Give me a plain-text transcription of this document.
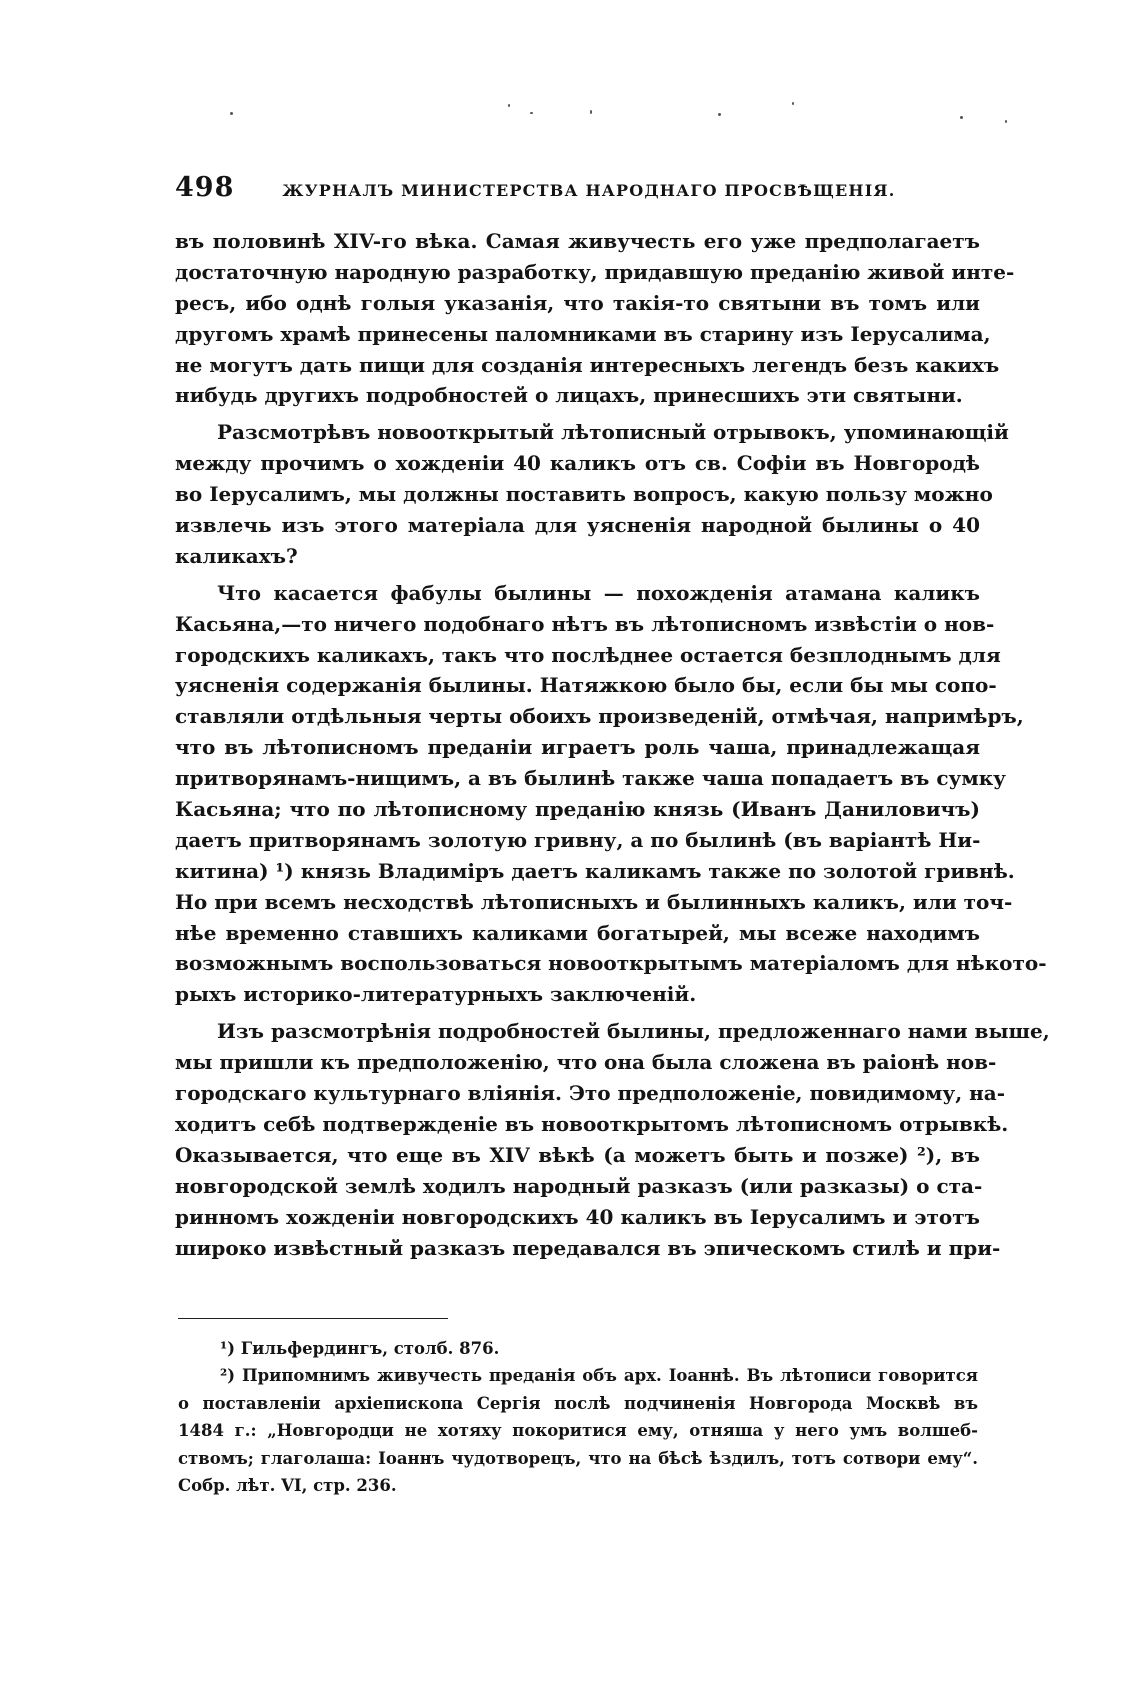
498	ЖУРНАЛЪ МИНИСТЕРСТВА НАРОДНАГО ПРОСВѢЩЕНІЯ.
въ половинѣ XIV-го вѣка. Самая живучесть его уже предполагаетъ
достаточную народную разработку, придавшую преданію живой инте-
ресъ, ибо однѣ голыя указанія, что такія-то святыни въ томъ или
другомъ храмѣ принесены паломниками въ старину изъ Іерусалима,
не могутъ дать пищи для созданія интересныхъ легендъ безъ какихъ
нибудь другихъ подробностей о лицахъ, принесшихъ эти святыни.
Разсмотрѣвъ новооткрытый лѣтописный отрывокъ, упоминающій
между прочимъ о хожденіи 40 каликъ отъ св. Софіи въ Новгородѣ
во Іерусалимъ, мы должны поставить вопросъ, какую пользу можно
извлечь изъ этого матеріала для уясненія народной былины о 40
каликахъ?
Что касается фабулы былины — похожденія атамана каликъ
Касьяна,—то ничего подобнаго нѣтъ въ лѣтописномъ извѣстіи о нов-
городскихъ каликахъ, такъ что послѣднее остается безплоднымъ для
уясненія содержанія былины. Натяжкою было бы, если бы мы сопо-
ставляли отдѣльныя черты обоихъ произведеній, отмѣчая, напримѣръ,
что въ лѣтописномъ преданіи играетъ роль чаша, принадлежащая
притворянамъ-нищимъ, а въ былинѣ также чаша попадаетъ въ сумку
Касьяна; что по лѣтописному преданію князь (Иванъ Даниловичъ)
даетъ притворянамъ золотую гривну, а по былинѣ (въ варіантѣ Ни-
китина) ¹) князь Владиміръ даетъ каликамъ также по золотой гривнѣ.
Но при всемъ несходствѣ лѣтописныхъ и былинныхъ каликъ, или точ-
нѣе временно ставшихъ каликами богатырей, мы всеже находимъ
возможнымъ воспользоваться новооткрытымъ матеріаломъ для нѣкото-
рыхъ историко-литературныхъ заключеній.
Изъ разсмотрѣнія подробностей былины, предложеннаго нами выше,
мы пришли къ предположенію, что она была сложена въ раіонѣ нов-
городскаго культурнаго вліянія. Это предположеніе, повидимому, на-
ходитъ себѣ подтвержденіе въ новооткрытомъ лѣтописномъ отрывкѣ.
Оказывается, что еще въ XIV вѣкѣ (а можетъ быть и позже) ²), въ
новгородской землѣ ходилъ народный разказъ (или разказы) о ста-
ринномъ хожденіи новгородскихъ 40 каликъ въ Іерусалимъ и этотъ
широко извѣстный разказъ передавался въ эпическомъ стилѣ и при-
¹) Гильфердингъ, столб. 876.
²) Припомнимъ живучесть преданія объ арх. Іоаннѣ. Въ лѣтописи говорится
о поставленіи архіепископа Сергія послѣ подчиненія Новгорода Москвѣ въ
1484 г.: „Новгородци не хотяху покоритися ему, отняша у него умъ волшеб-
ствомъ; глаголаша: Іоаннъ чудотворецъ, что на бѣсѣ ѣздилъ, тотъ сотвори ему“.
Собр. лѣт. VI, стр. 236.
